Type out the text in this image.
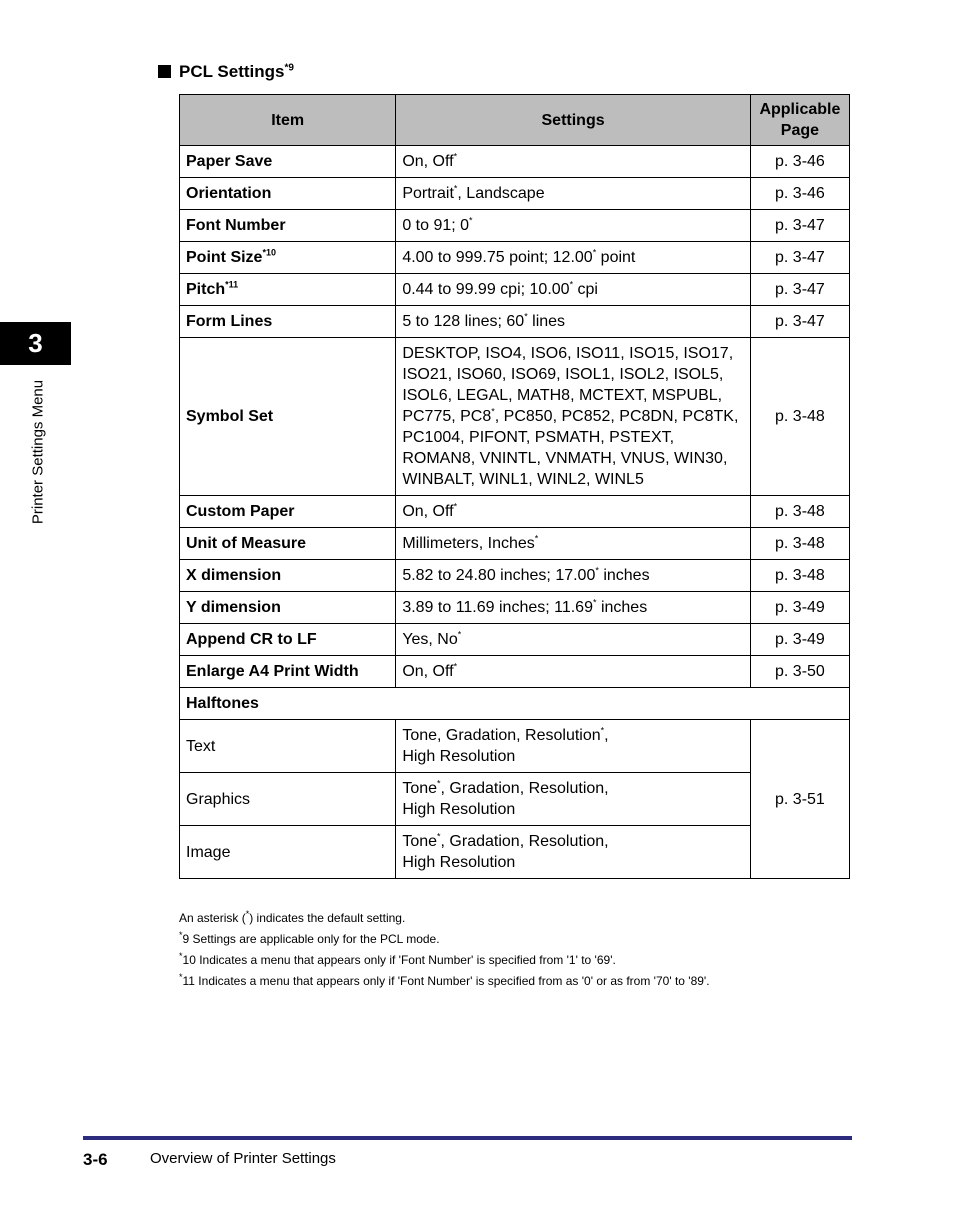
3
Printer Settings Menu
PCL Settings$^{*9}$
Item	Settings	Applicable
Page
Paper Save	On, Off*	p. 3-46
Orientation	Portrait*, Landscape	p. 3-46
Font Number	0 to 91; 0*	p. 3-47
Point Size$^{*10}$	4.00 to 999.75 point; 12.00* point	p. 3-47
Pitch$^{*11}$	0.44 to 99.99 cpi; 10.00* cpi	p. 3-47
Form Lines	5 to 128 lines; 60* lines	p. 3-47
Symbol Set	DESKTOP, ISO4, ISO6, ISO11, ISO15, ISO17, ISO21, ISO60, ISO69, ISOL1, ISOL2, ISOL5, ISOL6, LEGAL, MATH8, MCTEXT, MSPUBL, PC775, PC8*, PC850, PC852, PC8DN, PC8TK, PC1004, PIFONT, PSMATH, PSTEXT, ROMAN8, VNINTL, VNMATH, VNUS, WIN30, WINBALT, WINL1, WINL2, WINL5	p. 3-48
Custom Paper	On, Off*	p. 3-48
Unit of Measure	Millimeters, Inches*	p. 3-48
X dimension	5.82 to 24.80 inches; 17.00* inches	p. 3-48
Y dimension	3.89 to 11.69 inches; 11.69* inches	p. 3-49
Append CR to LF	Yes, No*	p. 3-49
Enlarge A4 Print Width	On, Off*	p. 3-50
Halftones		
Text	Tone, Gradation, Resolution*,
High Resolution	p. 3-51
Graphics	Tone*, Gradation, Resolution,
High Resolution	
Image	Tone*, Gradation, Resolution,
High Resolution	
An asterisk (*) indicates the default setting.
*9 Settings are applicable only for the PCL mode.
*10 Indicates a menu that appears only if 'Font Number' is specified from '1' to '69'.
*11 Indicates a menu that appears only if 'Font Number' is specified from as '0' or as from '70' to '89'.
3-6	Overview of Printer Settings
